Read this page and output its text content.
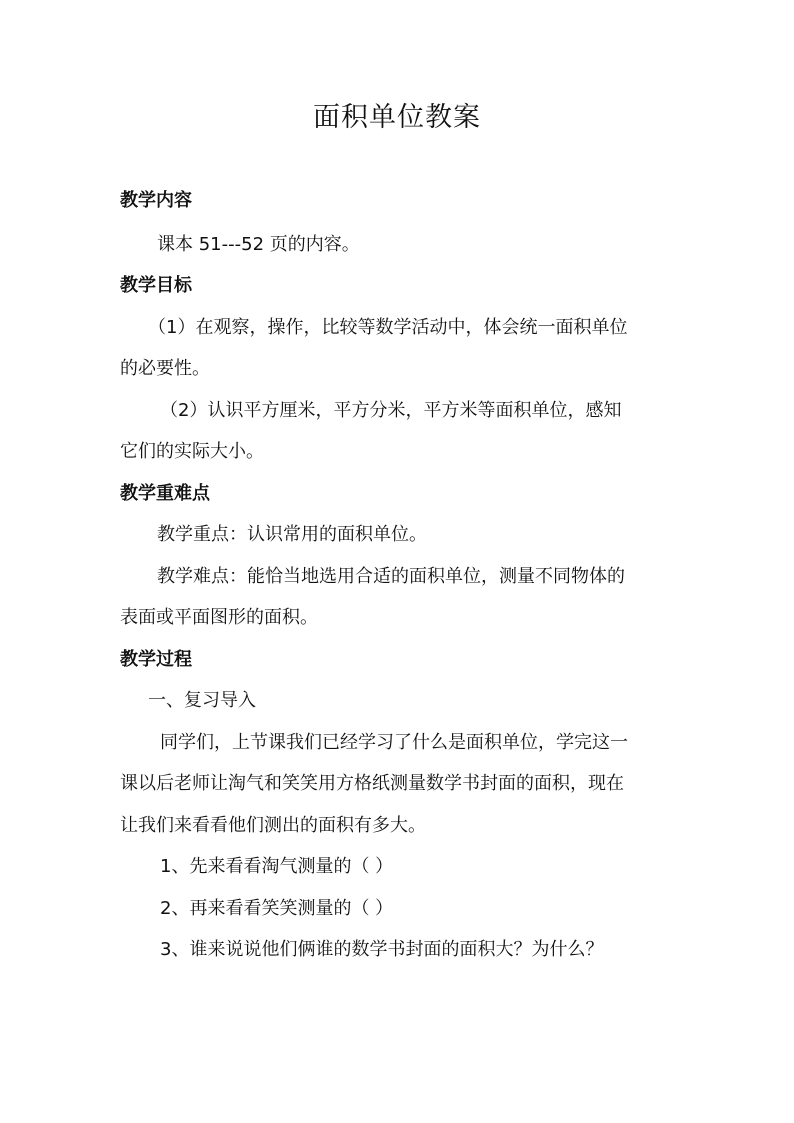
面积单位教案
教学内容
课本 51---52 页的内容。
教学目标
（1）在观察，操作，比较等数学活动中，体会统一面积单位
的必要性。
（2）认识平方厘米，平方分米，平方米等面积单位，感知
它们的实际大小。
教学重难点
教学重点：认识常用的面积单位。
教学难点：能恰当地选用合适的面积单位，测量不同物体的
表面或平面图形的面积。
教学过程
一、复习导入
同学们，上节课我们已经学习了什么是面积单位，学完这一
课以后老师让淘气和笑笑用方格纸测量数学书封面的面积，现在
让我们来看看他们测出的面积有多大。
1、先来看看淘气测量的（ ）
2、再来看看笑笑测量的（ ）
3、谁来说说他们俩谁的数学书封面的面积大？为什么？
